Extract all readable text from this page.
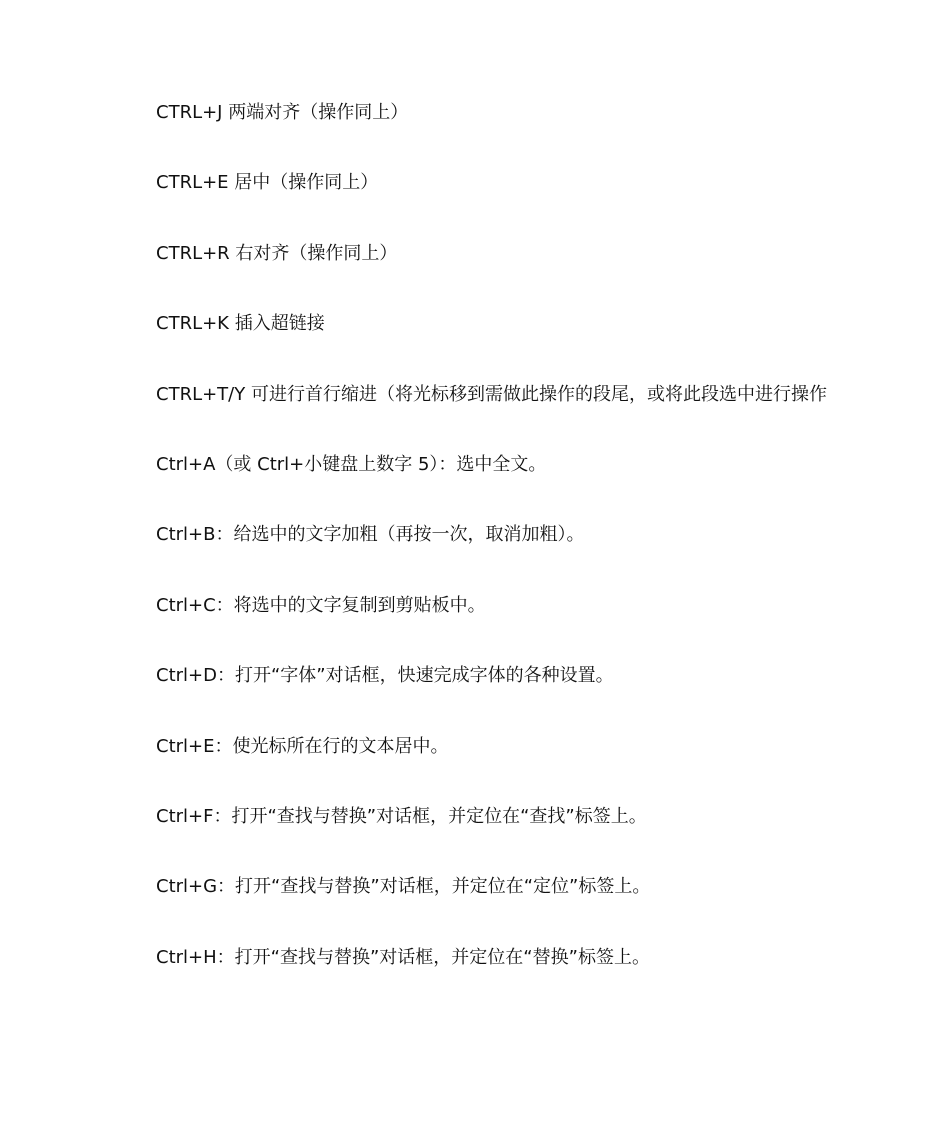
CTRL+J 两端对齐（操作同上）
CTRL+E 居中（操作同上）
CTRL+R 右对齐（操作同上）
CTRL+K 插入超链接
CTRL+T/Y 可进行首行缩进（将光标移到需做此操作的段尾，或将此段选中进行操作
Ctrl+A（或 Ctrl+小键盘上数字 5）：选中全文。
Ctrl+B：给选中的文字加粗（再按一次，取消加粗）。
Ctrl+C：将选中的文字复制到剪贴板中。
Ctrl+D：打开“字体”对话框，快速完成字体的各种设置。
Ctrl+E：使光标所在行的文本居中。
Ctrl+F：打开“查找与替换”对话框，并定位在“查找”标签上。
Ctrl+G：打开“查找与替换”对话框，并定位在“定位”标签上。
Ctrl+H：打开“查找与替换”对话框，并定位在“替换”标签上。
